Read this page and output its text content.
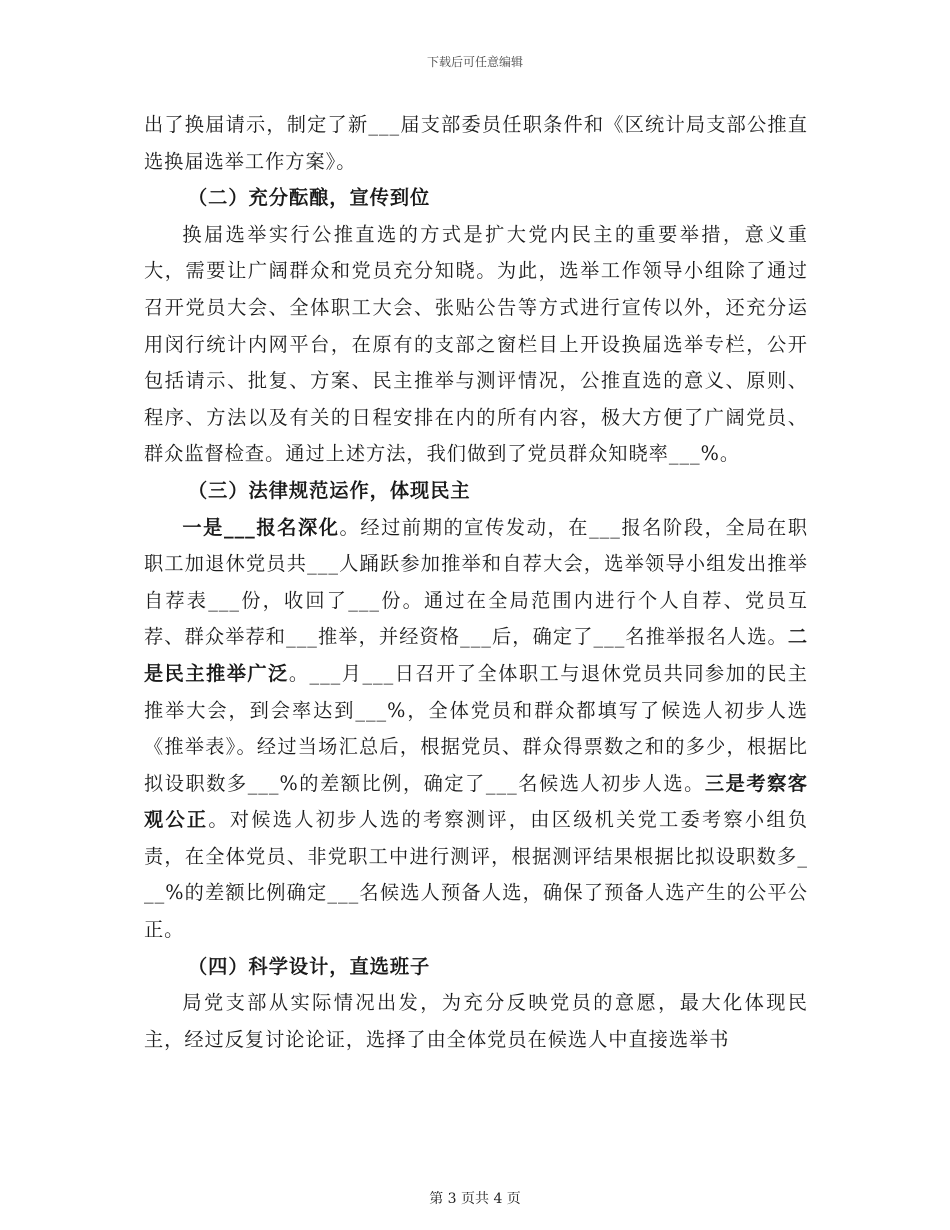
下载后可任意编辑

出了换届请示，制定了新___届支部委员任职条件和《区统计局支部公推直选换届选举工作方案》。

（二）充分酝酿，宣传到位

换届选举实行公推直选的方式是扩大党内民主的重要举措，意义重大，需要让广阔群众和党员充分知晓。为此，选举工作领导小组除了通过召开党员大会、全体职工大会、张贴公告等方式进行宣传以外，还充分运用闵行统计内网平台，在原有的支部之窗栏目上开设换届选举专栏，公开包括请示、批复、方案、民主推举与测评情况，公推直选的意义、原则、程序、方法以及有关的日程安排在内的所有内容，极大方便了广阔党员、群众监督检查。通过上述方法，我们做到了党员群众知晓率___%。

（三）法律规范运作，体现民主

一是___报名深化。经过前期的宣传发动，在___报名阶段，全局在职职工加退休党员共___人踊跃参加推举和自荐大会，选举领导小组发出推举自荐表___份，收回了___份。通过在全局范围内进行个人自荐、党员互荐、群众举荐和___推举，并经资格___后，确定了___名推举报名人选。二是民主推举广泛。___月___日召开了全体职工与退休党员共同参加的民主推举大会，到会率达到___%，全体党员和群众都填写了候选人初步人选《推举表》。经过当场汇总后，根据党员、群众得票数之和的多少，根据比拟设职数多___%的差额比例，确定了___名候选人初步人选。三是考察客观公正。对候选人初步人选的考察测评，由区级机关党工委考察小组负责，在全体党员、非党职工中进行测评，根据测评结果根据比拟设职数多___%的差额比例确定___名候选人预备人选，确保了预备人选产生的公平公正。

（四）科学设计，直选班子

局党支部从实际情况出发，为充分反映党员的意愿，最大化体现民主，经过反复讨论论证，选择了由全体党员在候选人中直接选举书

第 3 页共 4 页
